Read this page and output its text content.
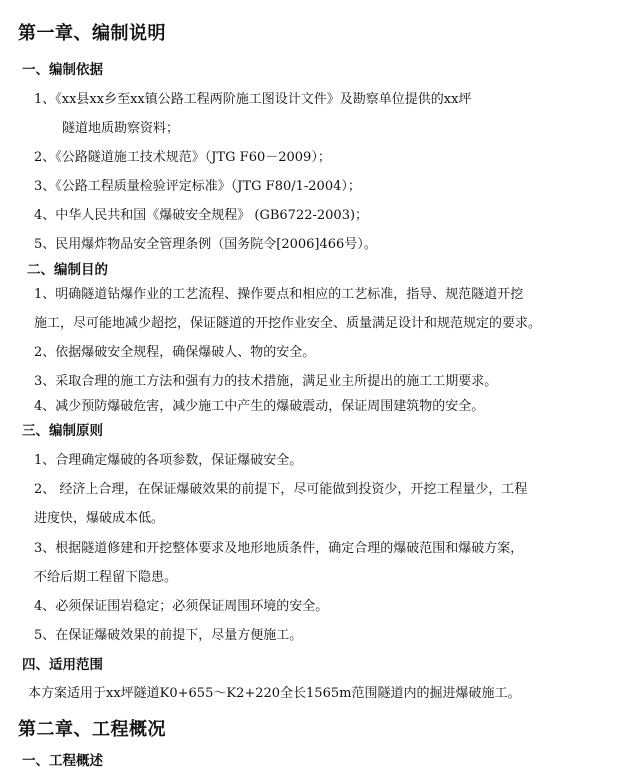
第一章、编制说明
一、编制依据
1、《xx县xx乡至xx镇公路工程两阶施工图设计文件》及勘察单位提供的xx坪
隧道地质勘察资料；
2、《公路隧道施工技术规范》（JTG F60－2009）；
3、《公路工程质量检验评定标准》（JTG F80/1-2004）；
4、中华人民共和国《爆破安全规程》 (GB6722-2003)；
5、民用爆炸物品安全管理条例（国务院令[2006]466号）。
二、编制目的
1、明确隧道钻爆作业的工艺流程、操作要点和相应的工艺标准，指导、规范隧道开挖
施工，尽可能地减少超挖，保证隧道的开挖作业安全、质量满足设计和规范规定的要求。
2、依据爆破安全规程，确保爆破人、物的安全。
3、采取合理的施工方法和强有力的技术措施，满足业主所提出的施工工期要求。
4、减少预防爆破危害，减少施工中产生的爆破震动，保证周围建筑物的安全。
三、编制原则
1、合理确定爆破的各项参数，保证爆破安全。
2、 经济上合理，在保证爆破效果的前提下，尽可能做到投资少，开挖工程量少，工程
进度快，爆破成本低。
3、根据隧道修建和开挖整体要求及地形地质条件，确定合理的爆破范围和爆破方案，
不给后期工程留下隐患。
4、必须保证围岩稳定；必须保证周围环境的安全。
5、在保证爆破效果的前提下，尽量方便施工。
四、适用范围
本方案适用于xx坪隧道K0+655～K2+220全长1565m范围隧道内的掘进爆破施工。
第二章、工程概况
一、工程概述
